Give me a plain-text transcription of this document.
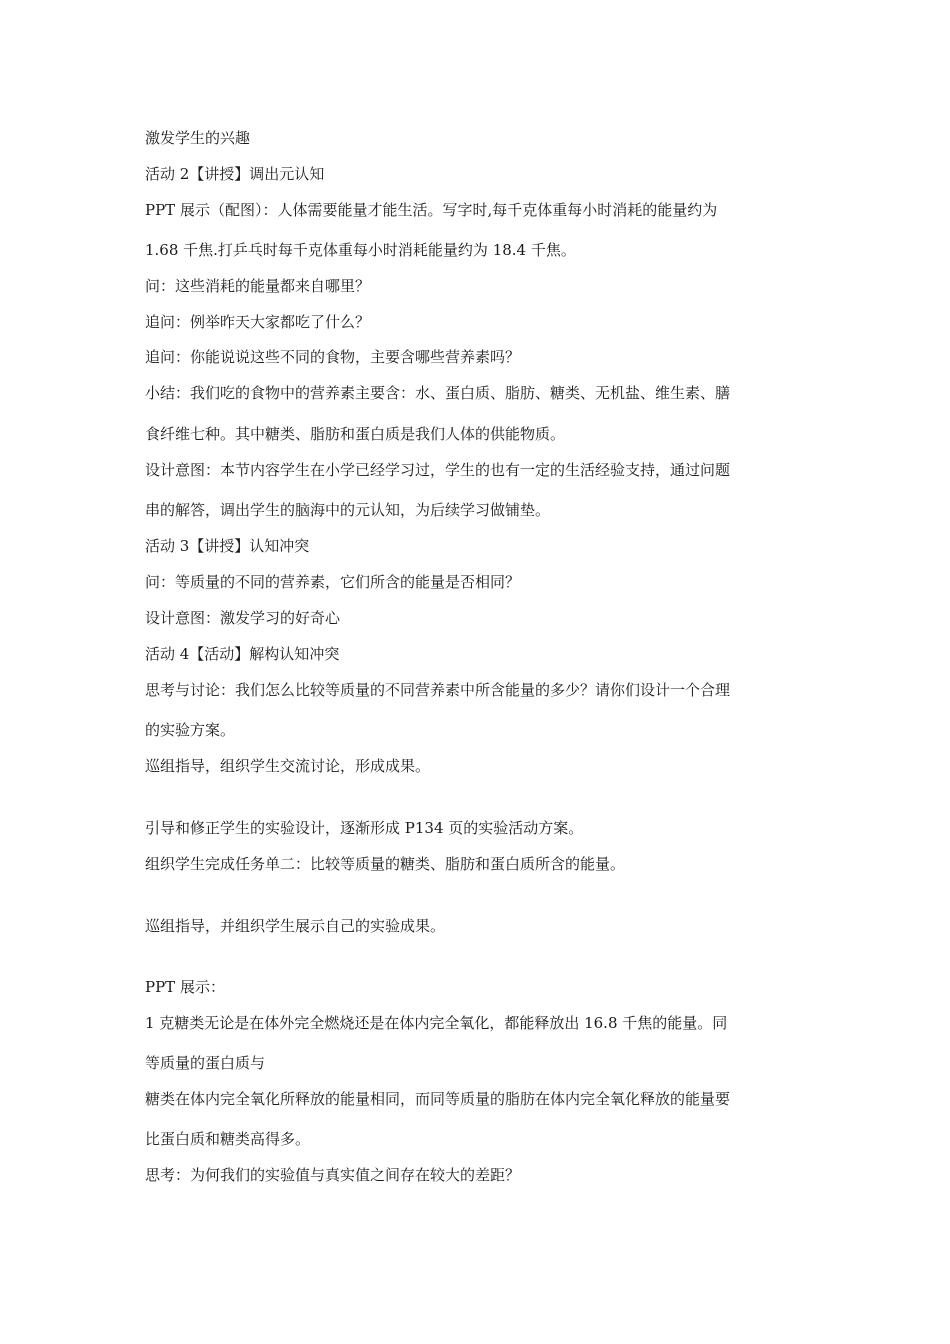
激发学生的兴趣
活动 2【讲授】调出元认知
PPT 展示（配图）：人体需要能量才能生活。写字时,每千克体重每小时消耗的能量约为
1.68 千焦.打乒乓时每千克体重每小时消耗能量约为 18.4 千焦。
问：这些消耗的能量都来自哪里？
追问：例举昨天大家都吃了什么？
追问：你能说说这些不同的食物，主要含哪些营养素吗？
小结：我们吃的食物中的营养素主要含：水、蛋白质、脂肪、糖类、无机盐、维生素、膳
食纤维七种。其中糖类、脂肪和蛋白质是我们人体的供能物质。
设计意图：本节内容学生在小学已经学习过，学生的也有一定的生活经验支持，通过问题
串的解答，调出学生的脑海中的元认知，为后续学习做铺垫。
活动 3【讲授】认知冲突
问：等质量的不同的营养素，它们所含的能量是否相同？
设计意图：激发学习的好奇心
活动 4【活动】解构认知冲突
思考与讨论：我们怎么比较等质量的不同营养素中所含能量的多少？请你们设计一个合理
的实验方案。
巡组指导，组织学生交流讨论，形成成果。
引导和修正学生的实验设计，逐渐形成 P134 页的实验活动方案。
组织学生完成任务单二：比较等质量的糖类、脂肪和蛋白质所含的能量。
巡组指导，并组织学生展示自己的实验成果。
PPT 展示：
1 克糖类无论是在体外完全燃烧还是在体内完全氧化，都能释放出 16.8 千焦的能量。同
等质量的蛋白质与
糖类在体内完全氧化所释放的能量相同，而同等质量的脂肪在体内完全氧化释放的能量要
比蛋白质和糖类高得多。
思考：为何我们的实验值与真实值之间存在较大的差距？
